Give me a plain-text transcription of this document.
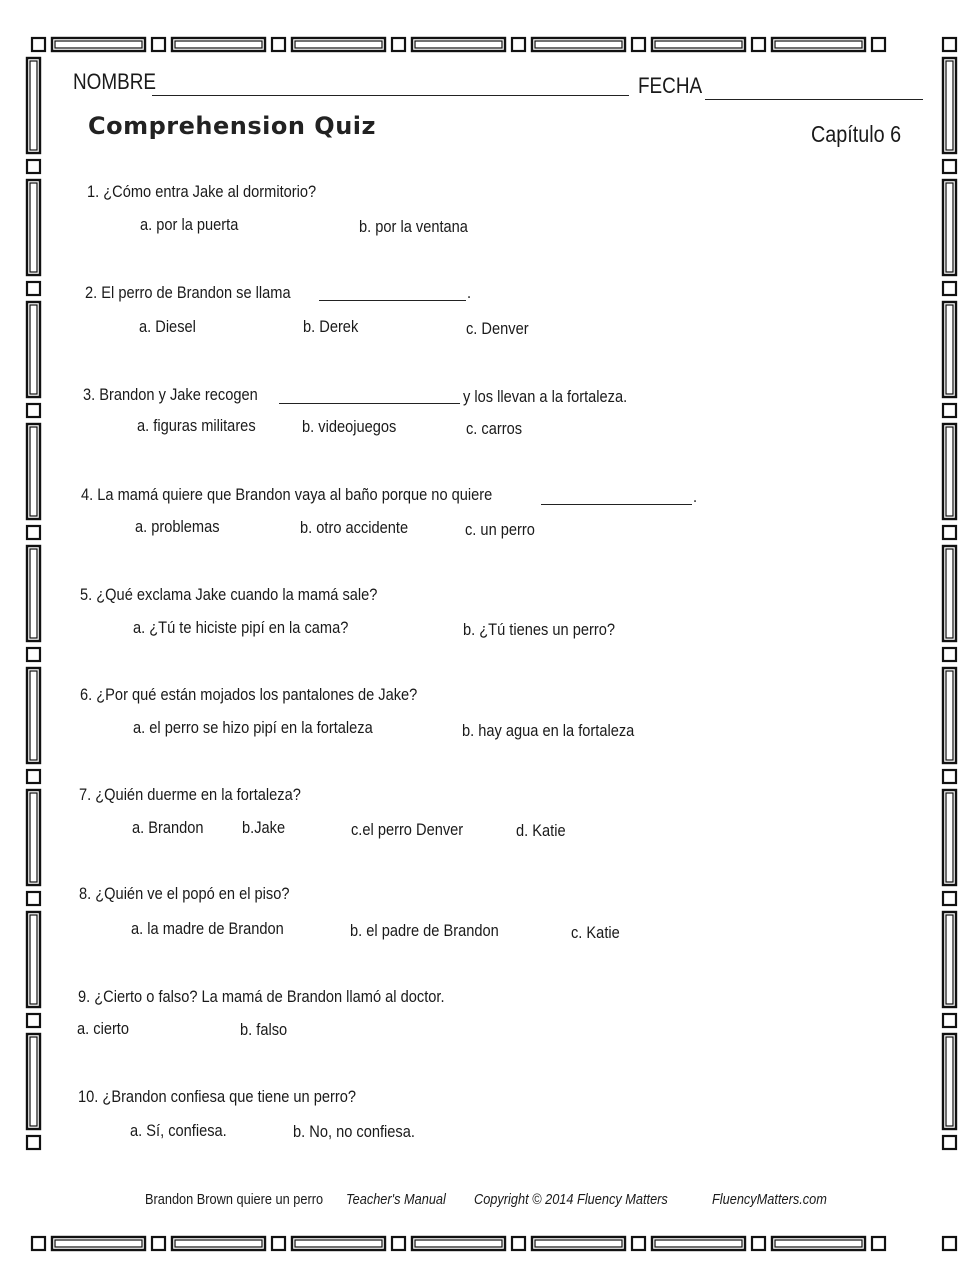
NOMBRE	FECHA
Comprehension Quiz	Capítulo 6
1. ¿Cómo entra Jake al dormitorio?
a. por la puerta	b. por la ventana
2. El perro de Brandon se llama	.
a. Diesel	b. Derek	c. Denver
3. Brandon y Jake recogen	y los llevan a la fortaleza.
a. figuras militares	b. videojuegos	c. carros
4. La mamá quiere que Brandon vaya al baño porque no quiere	.
a. problemas	b. otro accidente	c. un perro
5. ¿Qué exclama Jake cuando la mamá sale?
a. ¿Tú te hiciste pipí en la cama?	b. ¿Tú tienes un perro?
6. ¿Por qué están mojados los pantalones de Jake?
a. el perro se hizo pipí en la fortaleza	b. hay agua en la fortaleza
7. ¿Quién duerme en la fortaleza?
a. Brandon b.Jake	c.el perro Denver	d. Katie
8. ¿Quién ve el popó en el piso?
a. la madre de Brandon	b. el padre de Brandon	c. Katie
9. ¿Cierto o falso? La mamá de Brandon llamó al doctor.
a. cierto	b. falso
10. ¿Brandon confiesa que tiene un perro?
a. Sí, confiesa.	b. No, no confiesa.
Brandon Brown quiere un perro Teacher's Manual Copyright © 2014 Fluency Matters	FluencyMatters.com
